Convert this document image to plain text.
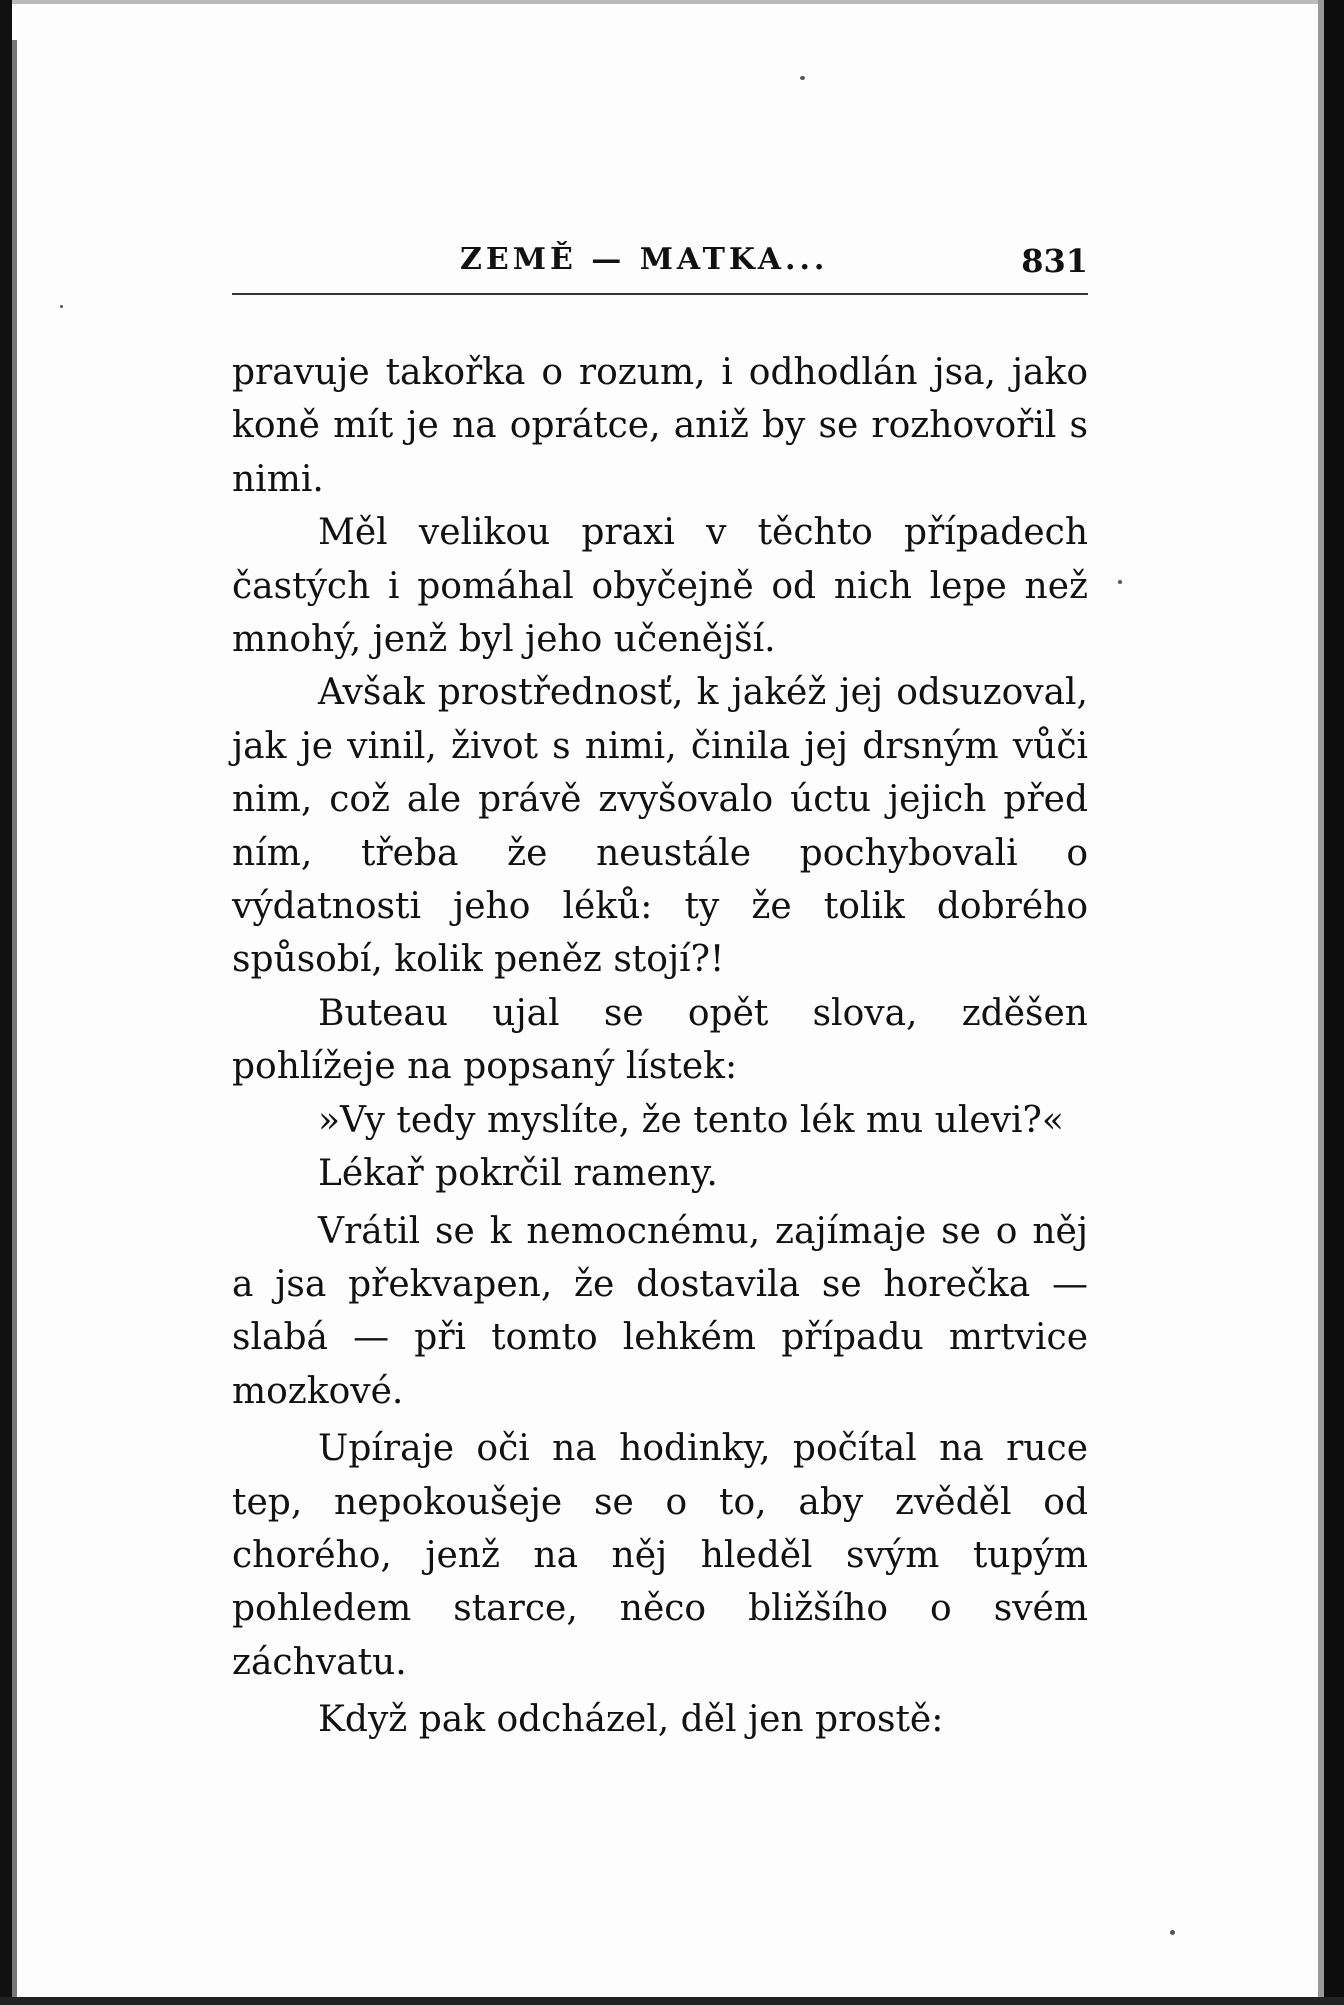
ZEMĚ — MATKA...	831

pravuje takořka o rozum, i odhodlán jsa, jako koně mít je na oprátce, aniž by se rozhovořil s nimi.

Měl velikou praxi v těchto případech častých i pomáhal obyčejně od nich lepe než mnohý, jenž byl jeho učenější.

Avšak prostřednosť, k jakéž jej odsuzoval, jak je vinil, život s nimi, činila jej drsným vůči nim, což ale právě zvyšovalo úctu jejich před ním, třeba že neustále pochybovali o výdatnosti jeho léků: ty že tolik dobrého spůsobí, kolik peněz stojí?!

Buteau ujal se opět slova, zděšen pohlížeje na popsaný lístek:

»Vy tedy myslíte, že tento lék mu ulevi?«

Lékař pokrčil rameny.

Vrátil se k nemocnému, zajímaje se o něj a jsa překvapen, že dostavila se horečka — slabá — při tomto lehkém případu mrtvice mozkové.

Upíraje oči na hodinky, počítal na ruce tep, nepokoušeje se o to, aby zvěděl od chorého, jenž na něj hleděl svým tupým pohledem starce, něco bližšího o svém záchvatu.

Když pak odcházel, děl jen prostě:
